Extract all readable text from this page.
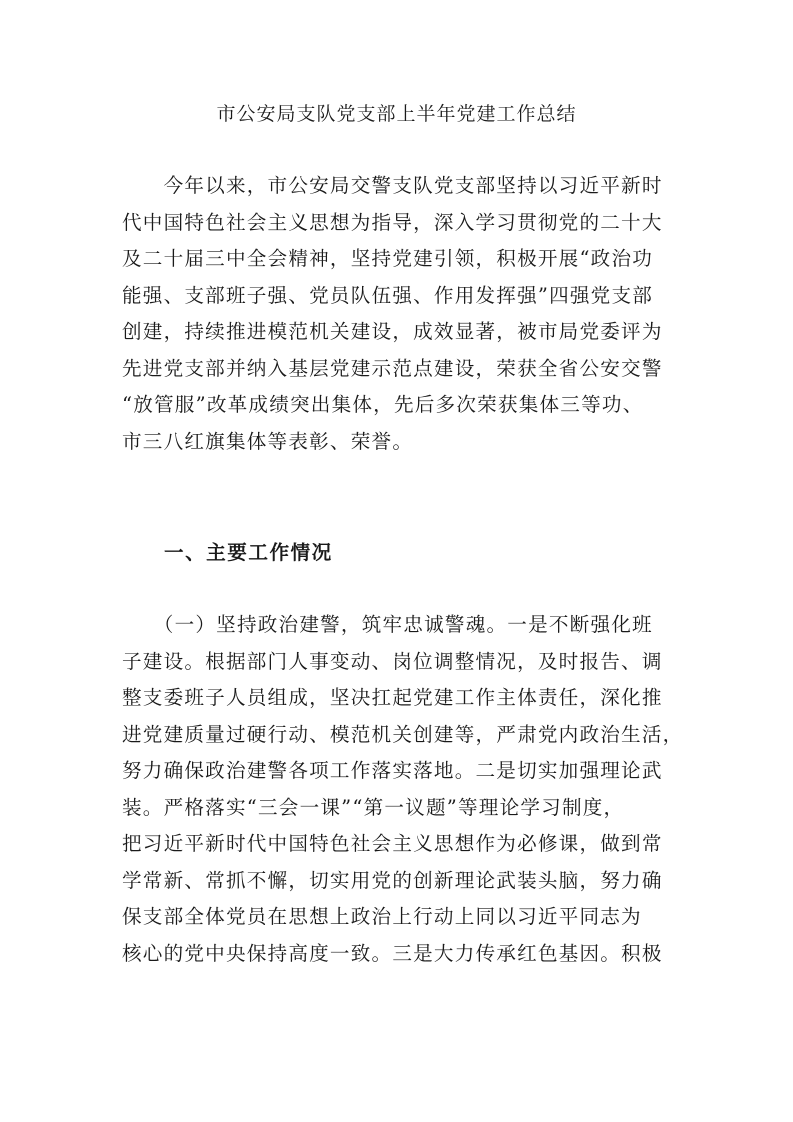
市公安局支队党支部上半年党建工作总结
　　今年以来，市公安局交警支队党支部坚持以习近平新时
代中国特色社会主义思想为指导，深入学习贯彻党的二十大
及二十届三中全会精神，坚持党建引领，积极开展“政治功
能强、支部班子强、党员队伍强、作用发挥强”四强党支部
创建，持续推进模范机关建设，成效显著，被市局党委评为
先进党支部并纳入基层党建示范点建设，荣获全省公安交警
“放管服”改革成绩突出集体，先后多次荣获集体三等功、
市三八红旗集体等表彰、荣誉。
一、主要工作情况
　　（一）坚持政治建警，筑牢忠诚警魂。一是不断强化班
子建设。根据部门人事变动、岗位调整情况，及时报告、调
整支委班子人员组成，坚决扛起党建工作主体责任，深化推
进党建质量过硬行动、模范机关创建等，严肃党内政治生活，
努力确保政治建警各项工作落实落地。二是切实加强理论武
装。严格落实“三会一课”“第一议题”等理论学习制度，
把习近平新时代中国特色社会主义思想作为必修课，做到常
学常新、常抓不懈，切实用党的创新理论武装头脑，努力确
保支部全体党员在思想上政治上行动上同以习近平同志为
核心的党中央保持高度一致。三是大力传承红色基因。积极
